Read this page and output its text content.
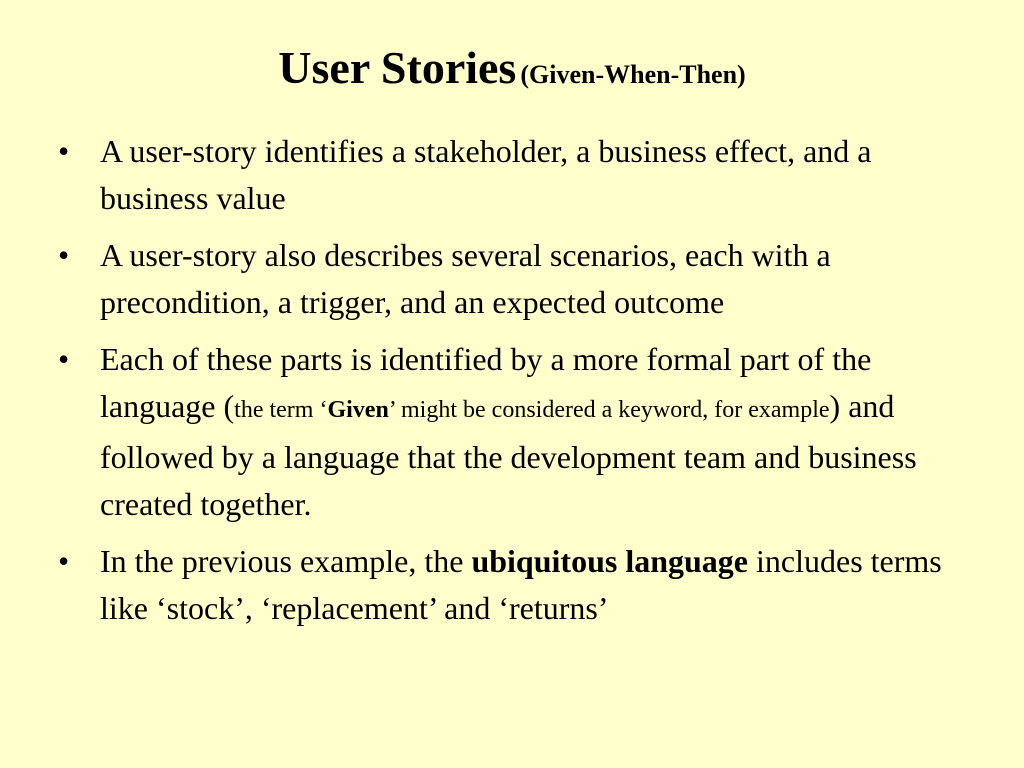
User Stories (Given-When-Then)
• A user-story identifies a stakeholder, a business effect, and a business value
• A user-story also describes several scenarios, each with a precondition, a trigger, and an expected outcome
• Each of these parts is identified by a more formal part of the language (the term ‘Given’ might be considered a keyword, for example) and followed by a language that the development team and business created together.
• In the previous example, the ubiquitous language includes terms like ‘stock’, ‘replacement’ and ‘returns’
